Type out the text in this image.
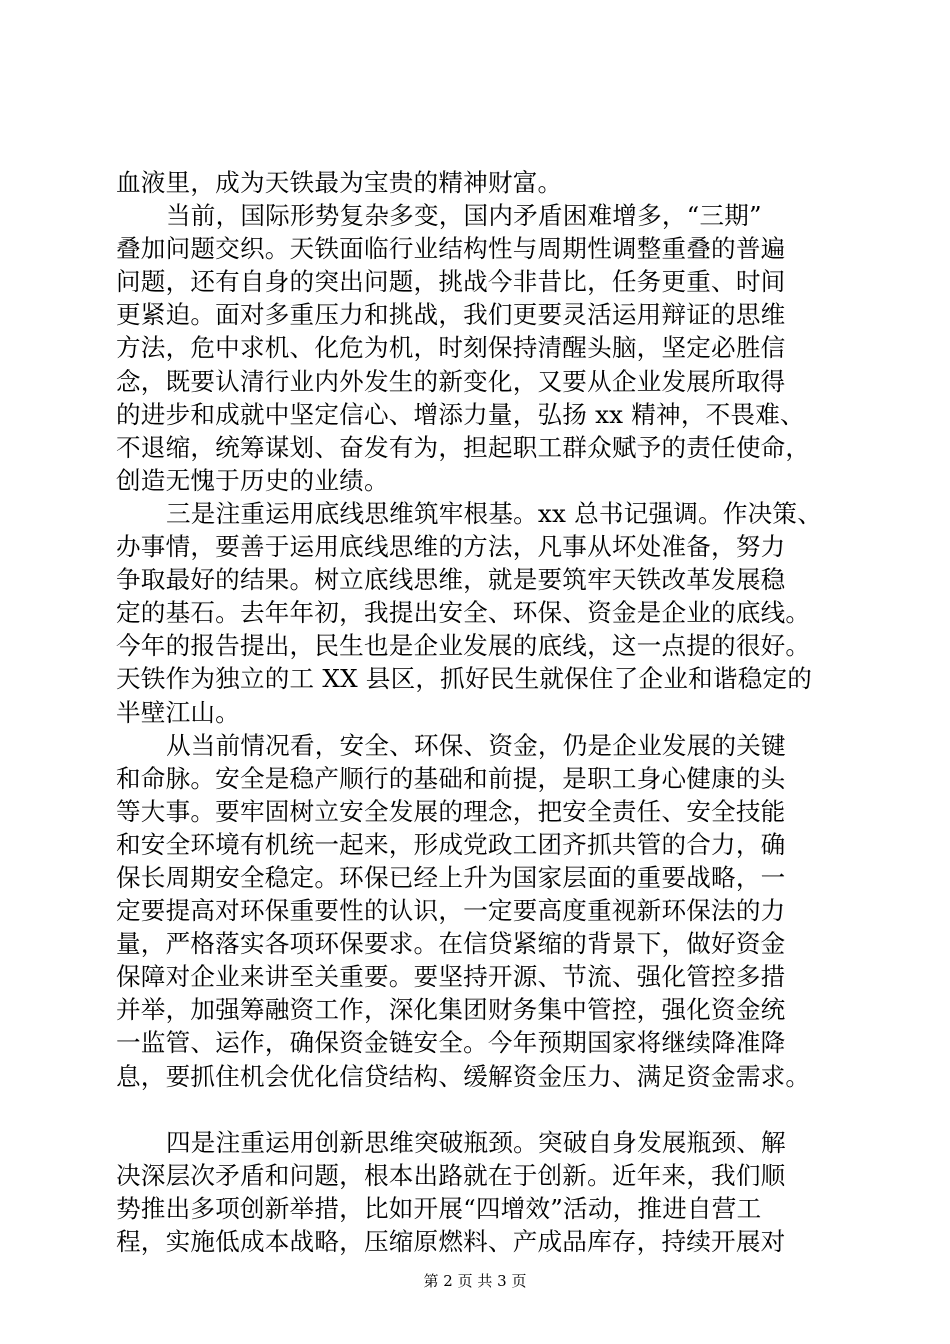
血液里，成为天铁最为宝贵的精神财富。
当前，国际形势复杂多变，国内矛盾困难增多，“三期”
叠加问题交织。天铁面临行业结构性与周期性调整重叠的普遍
问题，还有自身的突出问题，挑战今非昔比，任务更重、时间
更紧迫。面对多重压力和挑战，我们更要灵活运用辩证的思维
方法，危中求机、化危为机，时刻保持清醒头脑，坚定必胜信
念，既要认清行业内外发生的新变化，又要从企业发展所取得
的进步和成就中坚定信心、增添力量，弘扬 xx 精神，不畏难、
不退缩，统筹谋划、奋发有为，担起职工群众赋予的责任使命，
创造无愧于历史的业绩。
三是注重运用底线思维筑牢根基。xx 总书记强调。作决策、
办事情，要善于运用底线思维的方法，凡事从坏处准备，努力
争取最好的结果。树立底线思维，就是要筑牢天铁改革发展稳
定的基石。去年年初，我提出安全、环保、资金是企业的底线。
今年的报告提出，民生也是企业发展的底线，这一点提的很好。
天铁作为独立的工 XX 县区，抓好民生就保住了企业和谐稳定的
半壁江山。
从当前情况看，安全、环保、资金，仍是企业发展的关键
和命脉。安全是稳产顺行的基础和前提，是职工身心健康的头
等大事。要牢固树立安全发展的理念，把安全责任、安全技能
和安全环境有机统一起来，形成党政工团齐抓共管的合力，确
保长周期安全稳定。环保已经上升为国家层面的重要战略，一
定要提高对环保重要性的认识，一定要高度重视新环保法的力
量，严格落实各项环保要求。在信贷紧缩的背景下，做好资金
保障对企业来讲至关重要。要坚持开源、节流、强化管控多措
并举，加强筹融资工作，深化集团财务集中管控，强化资金统
一监管、运作，确保资金链安全。今年预期国家将继续降准降
息，要抓住机会优化信贷结构、缓解资金压力、满足资金需求。
四是注重运用创新思维突破瓶颈。突破自身发展瓶颈、解
决深层次矛盾和问题，根本出路就在于创新。近年来，我们顺
势推出多项创新举措，比如开展“四增效”活动，推进自营工
程，实施低成本战略，压缩原燃料、产成品库存，持续开展对
第 2 页 共 3 页
